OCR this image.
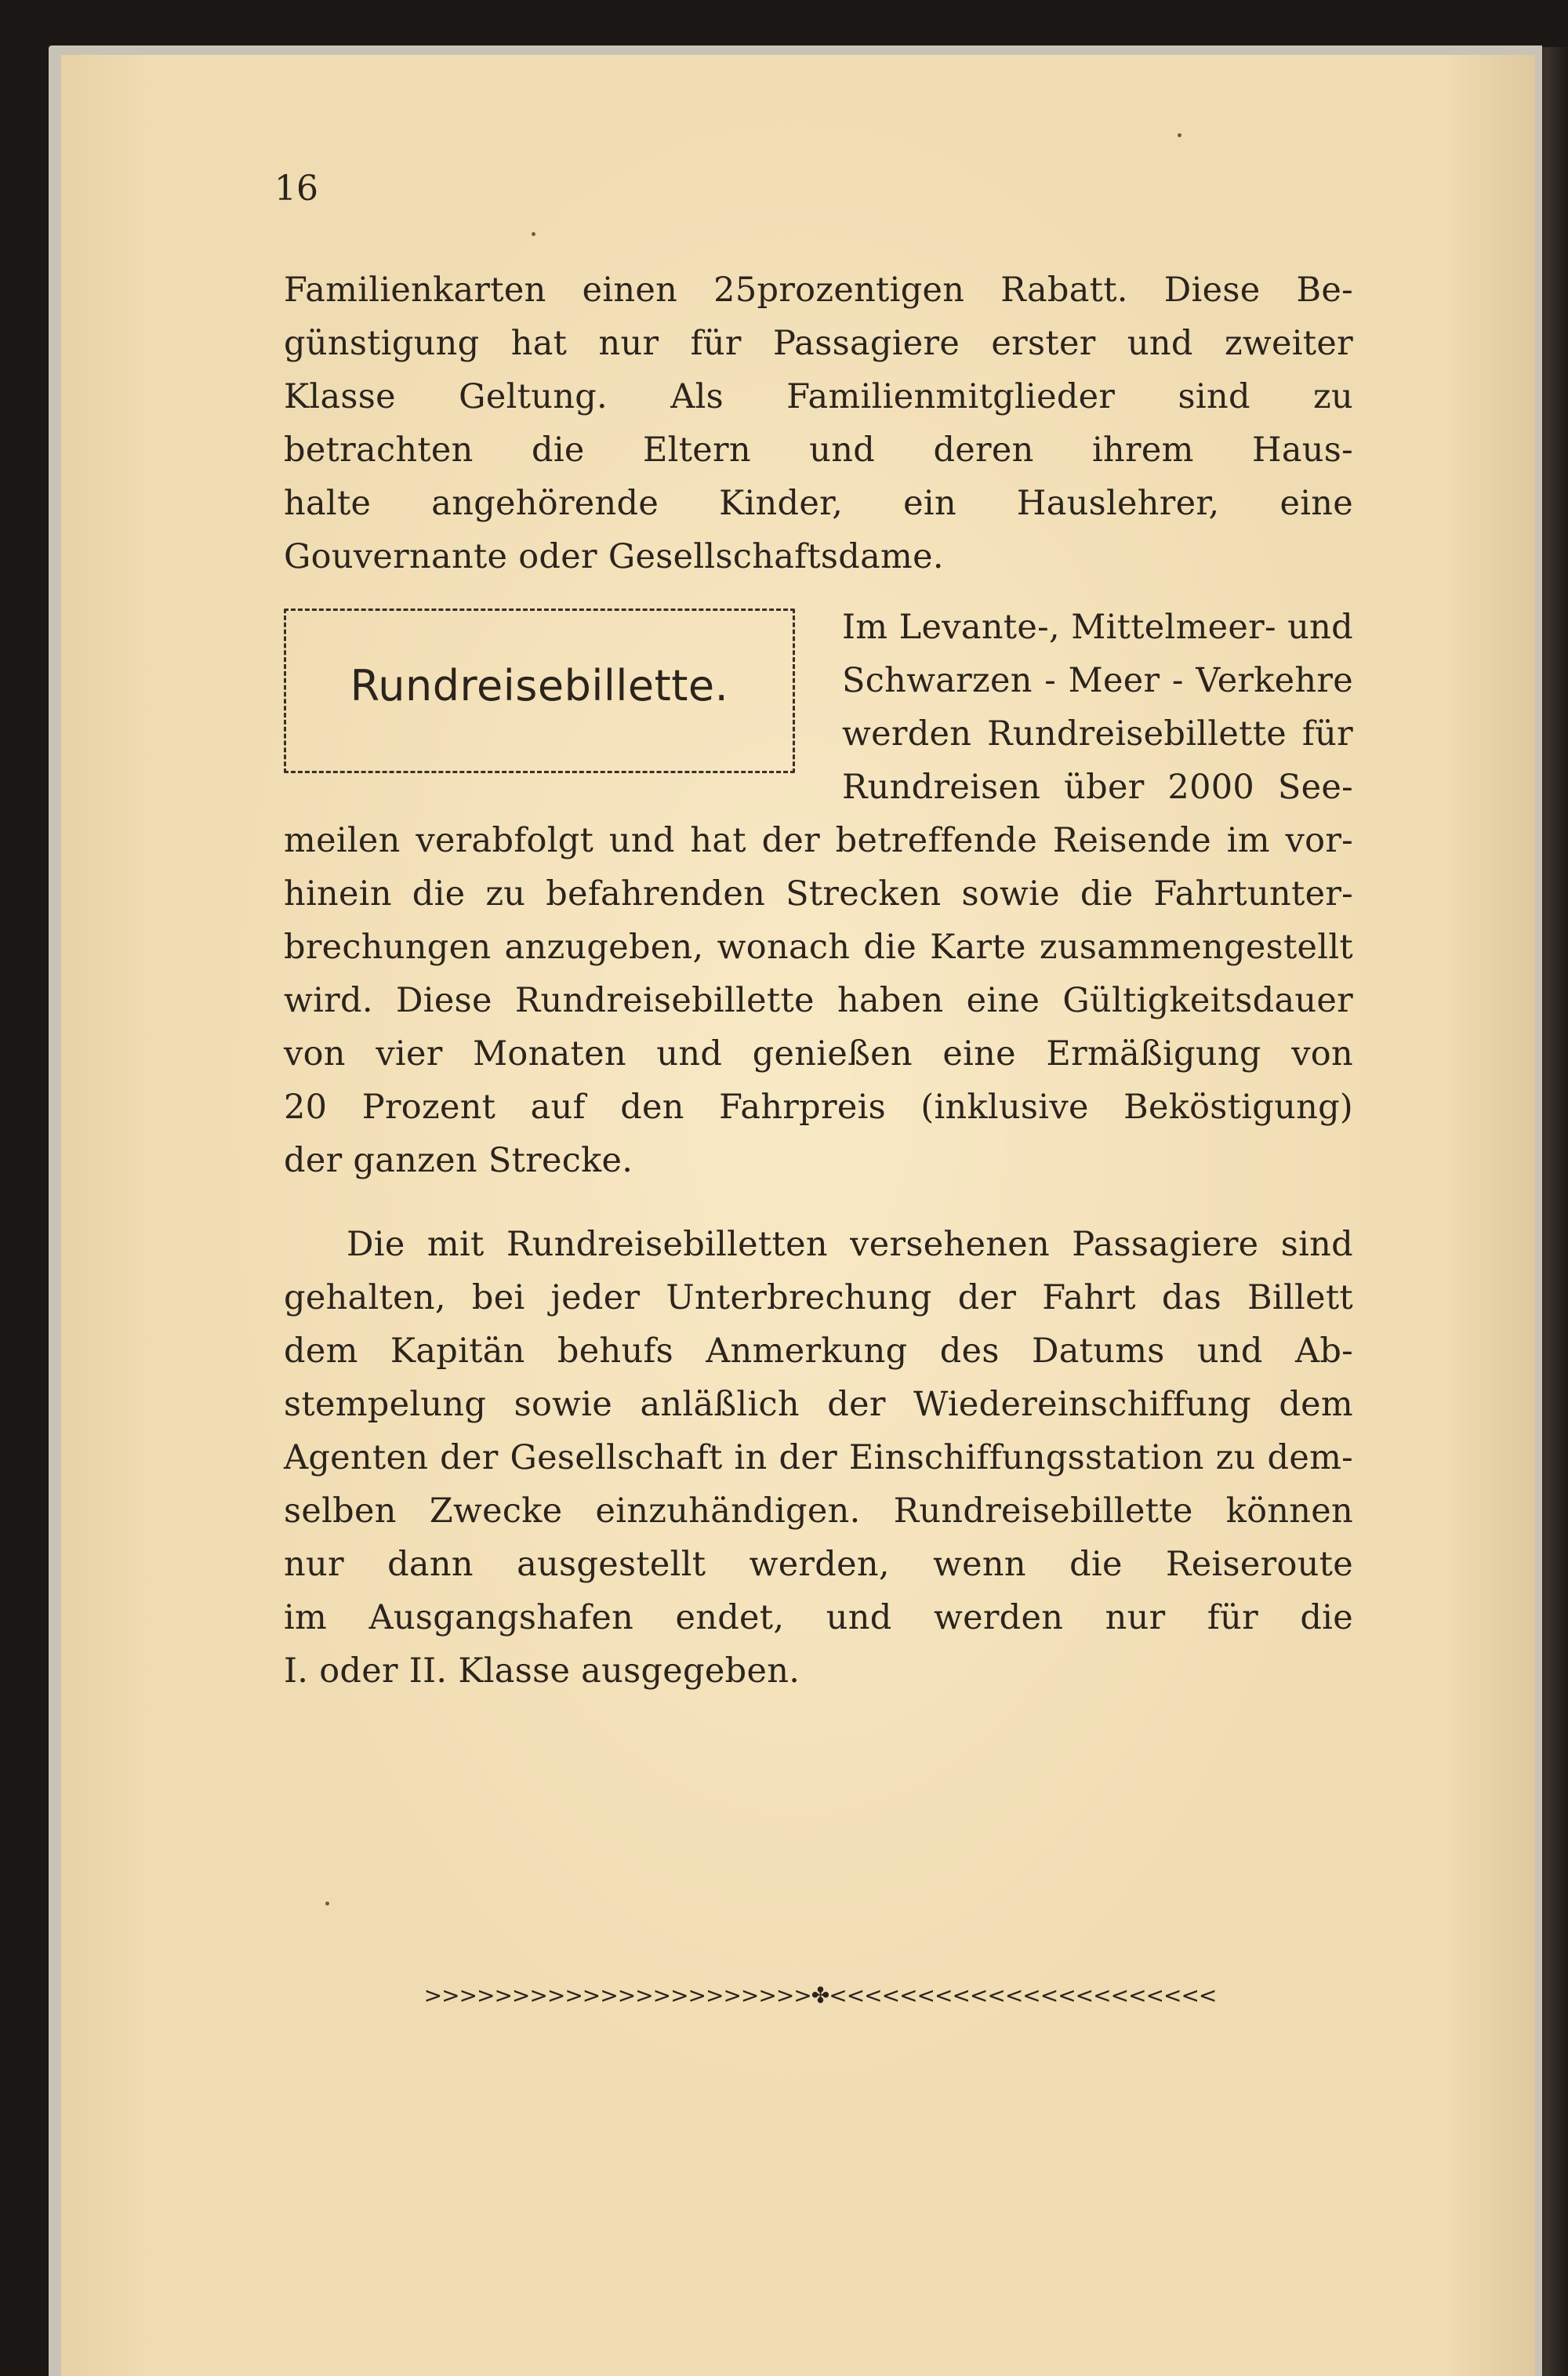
16
Familienkarten einen 25prozentigen Rabatt. Diese Be-
günstigung hat nur für Passagiere erster und zweiter
Klasse Geltung. Als Familienmitglieder sind zu
betrachten die Eltern und deren ihrem Haus-
halte angehörende Kinder, ein Hauslehrer, eine
Gouvernante oder Gesellschaftsdame.
Rundreisebillette.
Im Levante-, Mittelmeer- und
Schwarzen - Meer - Verkehre
werden Rundreisebillette für
Rundreisen über 2000 See-
meilen verabfolgt und hat der betreffende Reisende im vor-
hinein die zu befahrenden Strecken sowie die Fahrtunter-
brechungen anzugeben, wonach die Karte zusammengestellt
wird. Diese Rundreisebillette haben eine Gültigkeitsdauer
von vier Monaten und genießen eine Ermäßigung von
20 Prozent auf den Fahrpreis (inklusive Beköstigung)
der ganzen Strecke.
Die mit Rundreisebilletten versehenen Passagiere sind
gehalten, bei jeder Unterbrechung der Fahrt das Billett
dem Kapitän behufs Anmerkung des Datums und Ab-
stempelung sowie anläßlich der Wiedereinschiffung dem
Agenten der Gesellschaft in der Einschiffungsstation zu dem-
selben Zwecke einzuhändigen. Rundreisebillette können
nur dann ausgestellt werden, wenn die Reiseroute
im Ausgangshafen endet, und werden nur für die
I. oder II. Klasse ausgegeben.
>>>>>>>>>>>>>>>>>>>>>>✤<<<<<<<<<<<<<<<<<<<<<<
